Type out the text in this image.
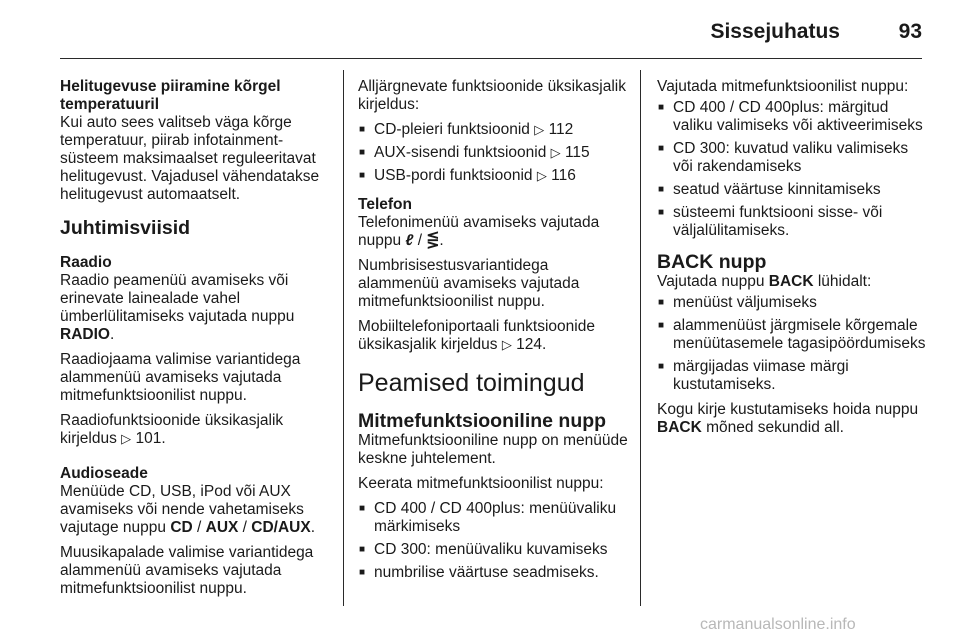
Sissejuhatus	93
Helitugevuse piiramine kõrgel temperatuuril

Kui auto sees valitseb väga kõrge temperatuur, piirab infotainment-süsteem maksimaalset reguleeritavat helitugevust. Vajadusel vähendatakse helitugevust automaatselt.

Juhtimisviisid
Raadio

Raadio peamenüü avamiseks või erinevate lainealade vahel ümberlülitamiseks vajutada nuppu RADIO.

Raadiojaama valimise variantidega alammenüü avamiseks vajutada mitmefunktsioonilist nuppu.

Raadiofunktsioonide üksikasjalik kirjeldus ▷ 101.

Audioseade

Menüüde CD, USB, iPod või AUX avamiseks või nende vahetamiseks vajutage nuppu CD / AUX / CD/AUX.

Muusikapalade valimise variantidega alammenüü avamiseks vajutada mitmefunktsioonilist nuppu.

Alljärgnevate funktsioonide üksikasjalik kirjeldus:

■ CD-pleieri funktsioonid ▷ 112
■ AUX-sisendi funktsioonid ▷ 115
■ USB-pordi funktsioonid ▷ 116
Telefon

Telefonimenüü avamiseks vajutada nuppu ℓ / ⋚.

Numbrisisestusvariantidega alammenüü avamiseks vajutada mitmefunktsioonilist nuppu.

Mobiiltelefoniportaali funktsioonide üksikasjalik kirjeldus ▷ 124.

Peamised toimingud
Mitmefunktsiooniline nupp

Mitmefunktsiooniline nupp on menüüde keskne juhtelement.

Keerata mitmefunktsioonilist nuppu:

■ CD 400 / CD 400plus: menüüvaliku märkimiseks
■ CD 300: menüüvaliku kuvamiseks
■ numbrilise väärtuse seadmiseks.

Vajutada mitmefunktsioonilist nuppu:

■ CD 400 / CD 400plus: märgitud valiku valimiseks või aktiveerimiseks
■ CD 300: kuvatud valiku valimiseks või rakendamiseks
■ seatud väärtuse kinnitamiseks
■ süsteemi funktsiooni sisse- või väljalülitamiseks.
BACK nupp

Vajutada nuppu BACK lühidalt:

■ menüüst väljumiseks
■ alammenüüst järgmisele kõrgemale menüütasemele tagasipöördumiseks
■ märgijadas viimase märgi kustutamiseks.

Kogu kirje kustutamiseks hoida nuppu BACK mõned sekundid all.

carmanualsonline.info
